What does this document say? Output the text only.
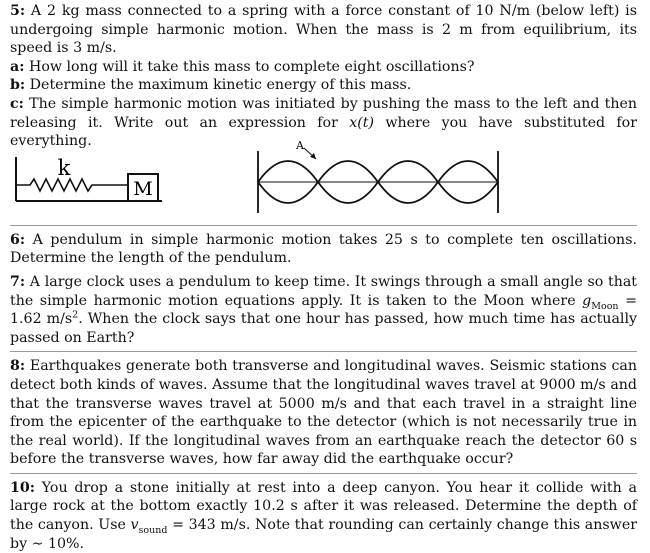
5: A 2 kg mass connected to a spring with a force constant of 10 N/m (below left) is undergoing simple harmonic motion. When the mass is 2 m from equilibrium, its speed is 3 m/s.

a: How long will it take this mass to complete eight oscillations?

b: Determine the maximum kinetic energy of this mass.

c: The simple harmonic motion was initiated by pushing the mass to the left and then releasing it. Write out an expression for x(t) where you have substituted for everything.

M
k
A

6: A pendulum in simple harmonic motion takes 25 s to complete ten oscillations. Determine the length of the pendulum.

7: A large clock uses a pendulum to keep time. It swings through a small angle so that the simple harmonic motion equations apply. It is taken to the Moon where $g_{Moon} = 1.62$ $m/s^2$. When the clock says that one hour has passed, how much time has actually passed on Earth?

8: Earthquakes generate both transverse and longitudinal waves. Seismic stations can detect both kinds of waves. Assume that the longitudinal waves travel at 9000 m/s and that the transverse waves travel at 5000 m/s and that each travel in a straight line from the epicenter of the earthquake to the detector (which is not necessarily true in the real world). If the longitudinal waves from an earthquake reach the detector 60 s before the transverse waves, how far away did the earthquake occur?

10: You drop a stone initially at rest into a deep canyon. You hear it collide with a large rock at the bottom exactly 10.2 s after it was released. Determine the depth of the canyon. Use $v_{sound} = 343$ m/s. Note that rounding can certainly change this answer by ∼ 10%.
